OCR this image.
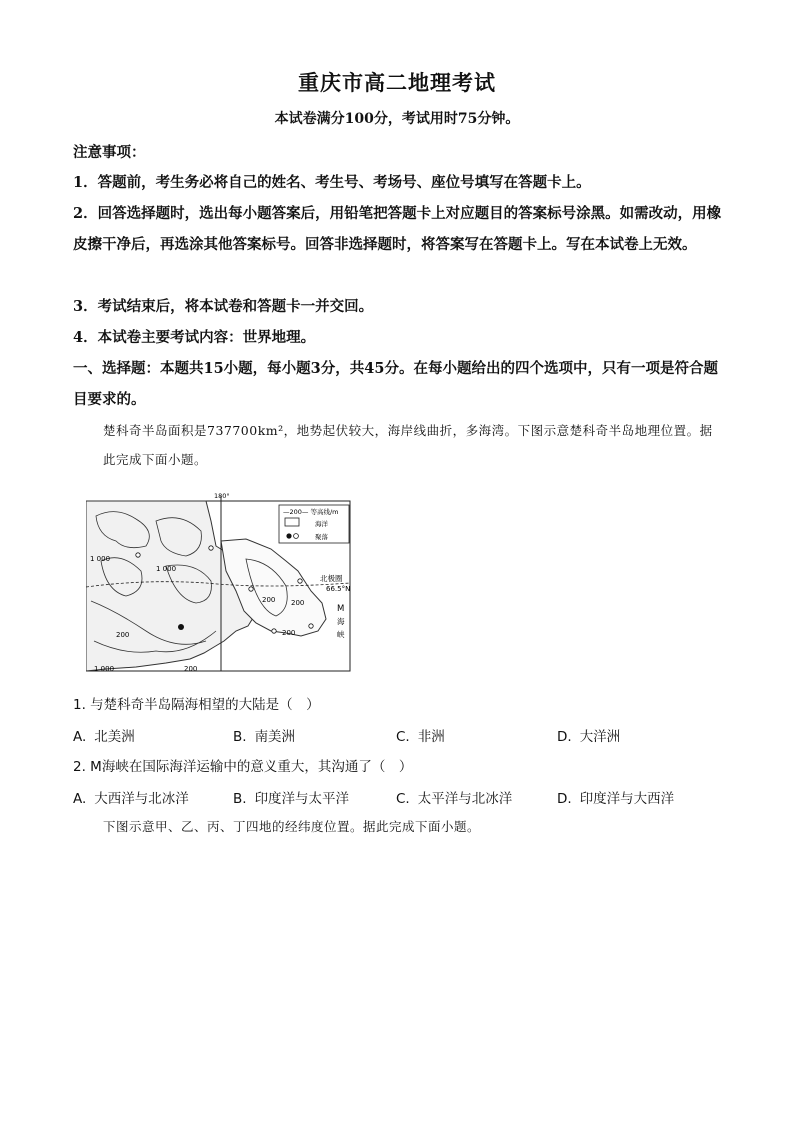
重庆市高二地理考试
本试卷满分100分，考试用时75分钟。
注意事项：
1．答题前，考生务必将自己的姓名、考生号、考场号、座位号填写在答题卡上。
2．回答选择题时，选出每小题答案后，用铅笔把答题卡上对应题目的答案标号涂黑。如需改动，用橡皮擦干净后，再选涂其他答案标号。回答非选择题时，将答案写在答题卡上。写在本试卷上无效。
3．考试结束后，将本试卷和答题卡一并交回。
4．本试卷主要考试内容：世界地理。
一、选择题：本题共15小题，每小题3分，共45分。在每小题给出的四个选项中，只有一项是符合题目要求的。
楚科奇半岛面积是737700km²，地势起伏较大，海岸线曲折，多海湾。下图示意楚科奇半岛地理位置。据此完成下面小题。
180°
—200— 等高线/m
海洋
聚落
北极圈
66.5°N
M
海
峡
1 000
1 000
1 000
200
200
200 200
200
1. 与楚科奇半岛隔海相望的大陆是（　）
A. 北美洲	B. 南美洲	C. 非洲	D. 大洋洲
2. M海峡在国际海洋运输中的意义重大，其沟通了（　）
A. 大西洋与北冰洋	B. 印度洋与太平洋	C. 太平洋与北冰洋	D. 印度洋与大西洋
下图示意甲、乙、丙、丁四地的经纬度位置。据此完成下面小题。
